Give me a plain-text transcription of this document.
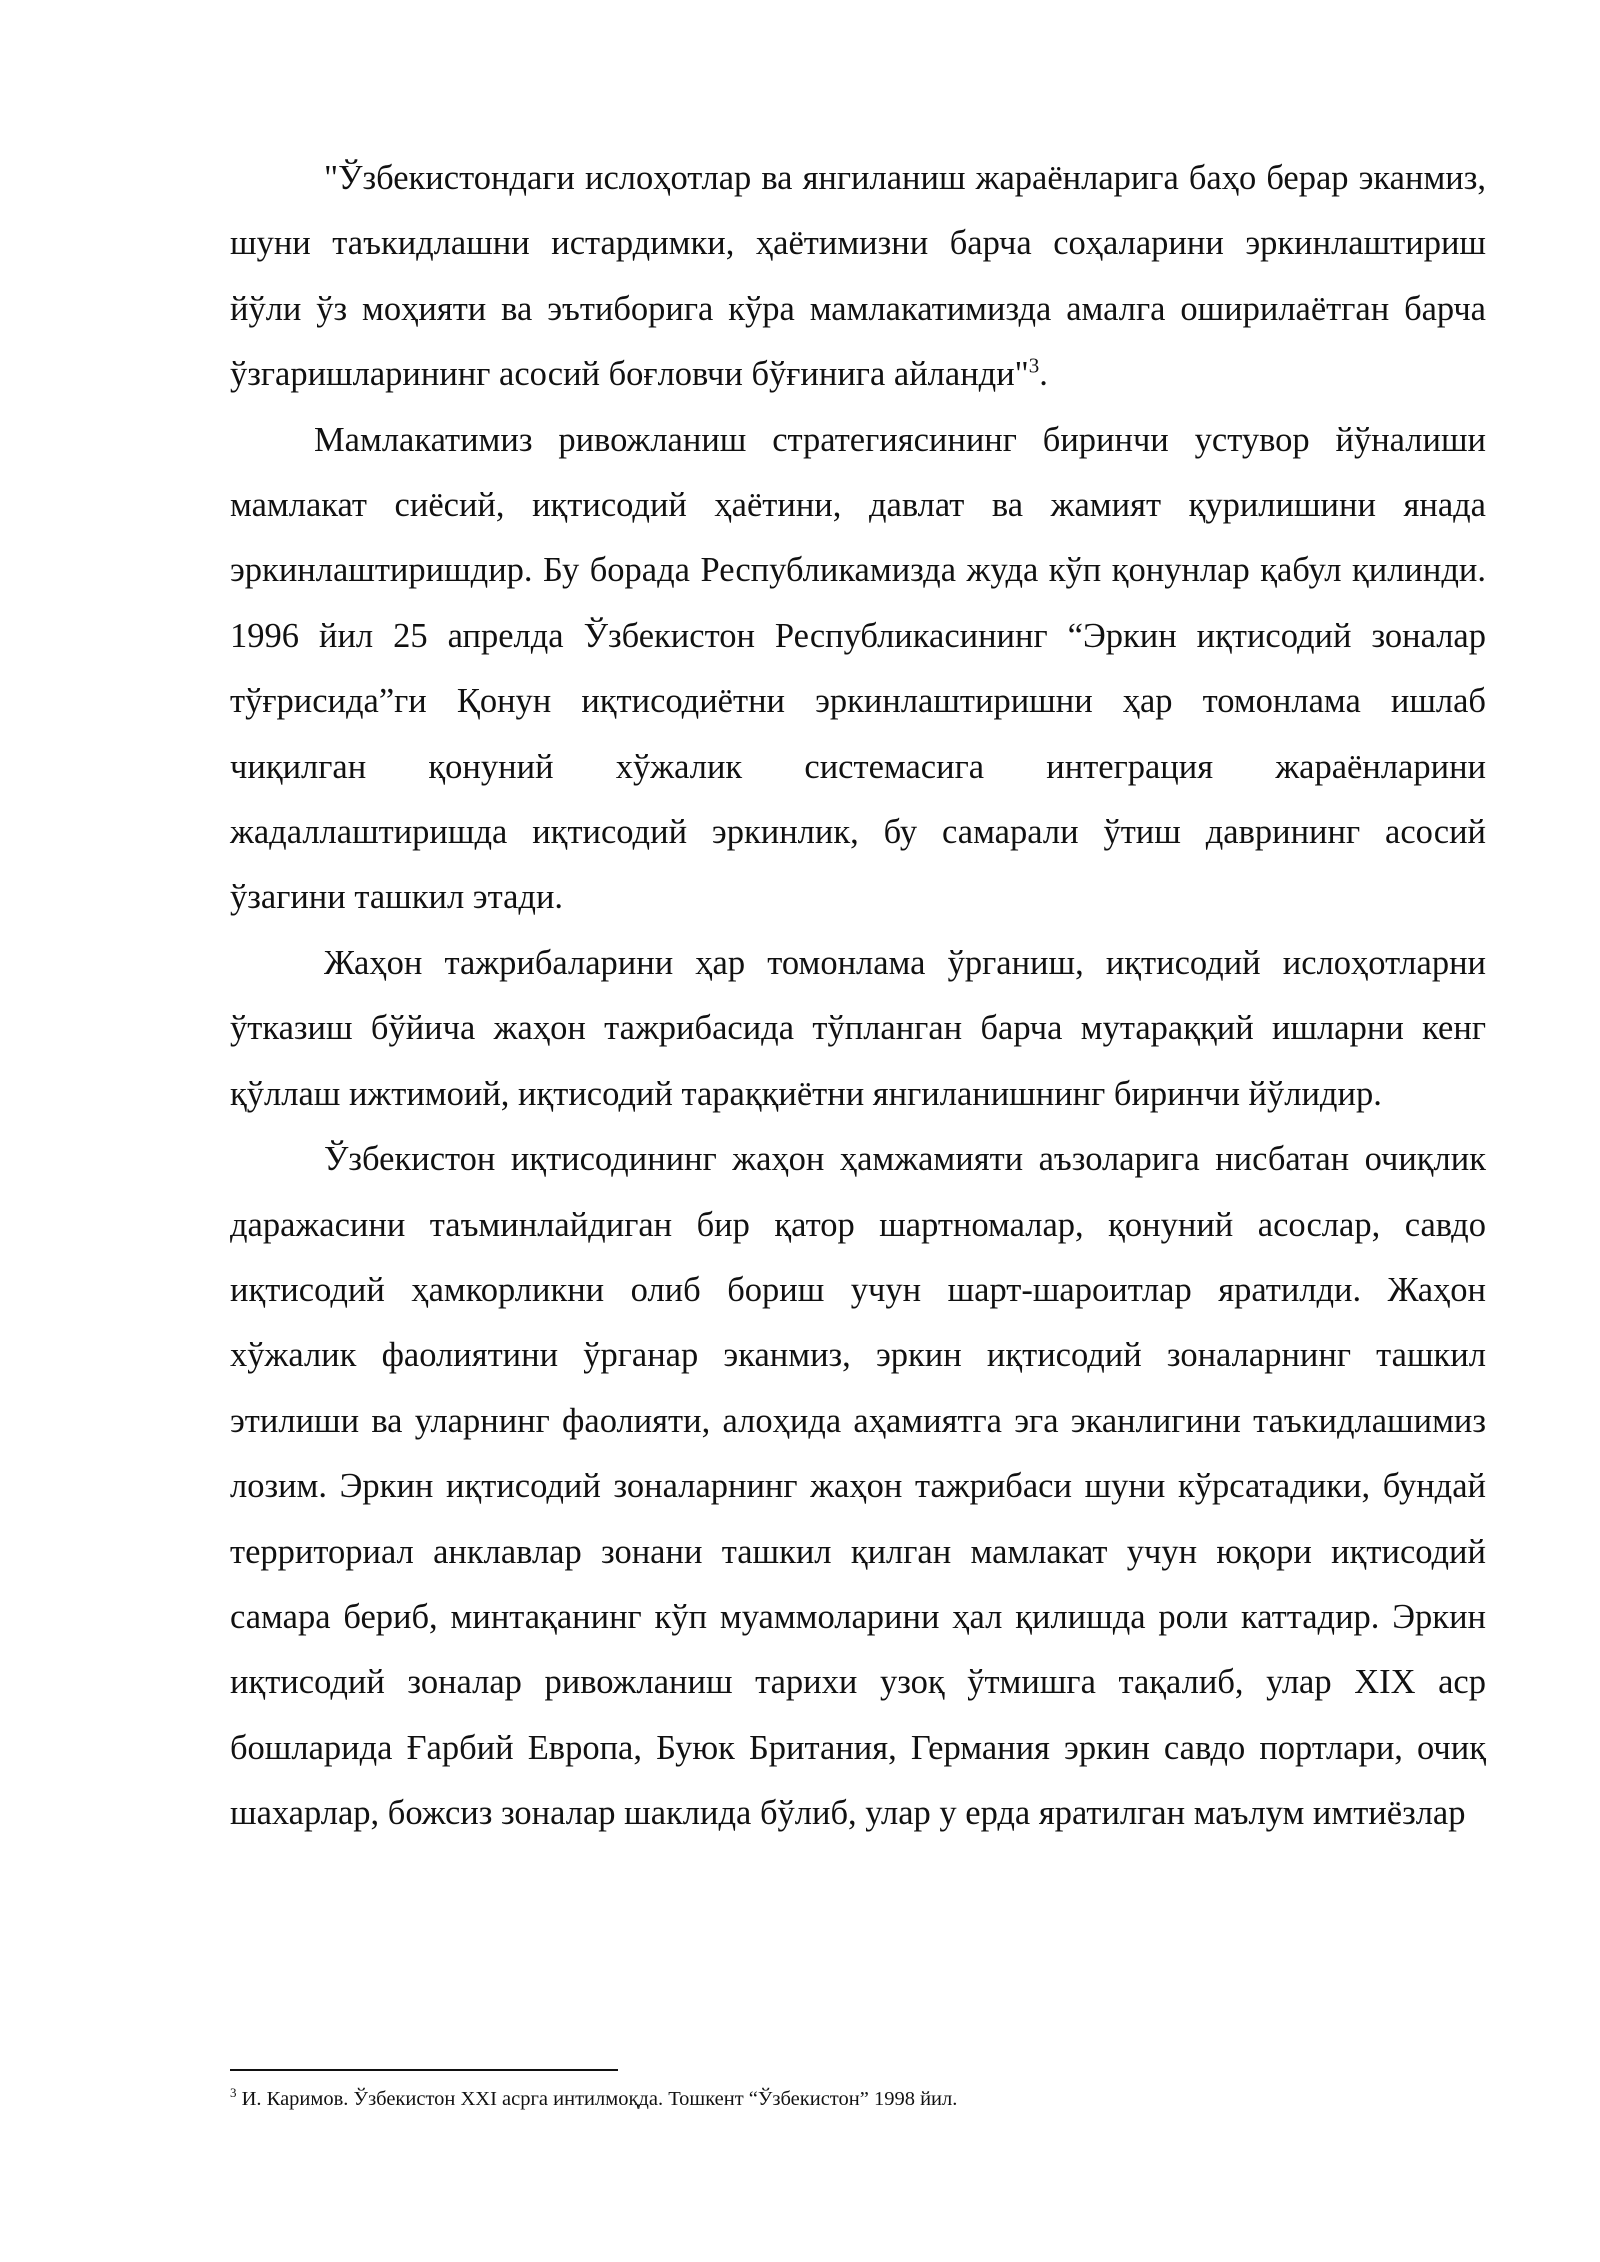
"Ўзбекистондаги ислоҳотлар ва янгиланиш жараёнларига баҳо берар эканмиз, шуни таъкидлашни истардимки, ҳаётимизни барча соҳаларини эркинлаштириш йўли ўз моҳияти ва эътиборига кўра мамлакатимизда амалга оширилаётган барча ўзгаришларининг асосий боғловчи бўғинига айланди"$^3$.

Мамлакатимиз ривожланиш стратегиясининг биринчи устувор йўналиши мамлакат сиёсий, иқтисодий ҳаётини, давлат ва жамият қурилишини янада эркинлаштиришдир. Бу борада Республикамизда жуда кўп қонунлар қабул қилинди. 1996 йил 25 апрелда Ўзбекистон Республикасининг “Эркин иқтисодий зоналар тўғрисида”ги Қонун иқтисодиётни эркинлаштиришни ҳар томонлама ишлаб чиқилган қонуний хўжалик системасига интеграция жараёнларини жадаллаштиришда иқтисодий эркинлик, бу самарали ўтиш даврининг асосий ўзагини ташкил этади.

Жаҳон тажрибаларини ҳар томонлама ўрганиш, иқтисодий ислоҳотларни ўтказиш бўйича жаҳон тажрибасида тўпланган барча мутараққий ишларни кенг қўллаш ижтимоий, иқтисодий тараққиётни янгиланишнинг биринчи йўлидир.

Ўзбекистон иқтисодининг жаҳон ҳамжамияти аъзоларига нисбатан очиқлик даражасини таъминлайдиган бир қатор шартномалар, қонуний асослар, савдо иқтисодий ҳамкорликни олиб бориш учун шарт-шароитлар яратилди. Жаҳон хўжалик фаолиятини ўрганар эканмиз, эркин иқтисодий зоналарнинг ташкил этилиши ва уларнинг фаолияти, алоҳида аҳамиятга эга эканлигини таъкидлашимиз лозим. Эркин иқтисодий зоналарнинг жаҳон тажрибаси шуни кўрсатадики, бундай территориал анклавлар зонани ташкил қилган мамлакат учун юқори иқтисодий самара бериб, минтақанинг кўп муаммоларини ҳал қилишда роли каттадир. Эркин иқтисодий зоналар ривожланиш тарихи узоқ ўтмишга тақалиб, улар XIX аср бошларида Ғарбий Европа, Буюк Британия, Германия эркин савдо портлари, очиқ шахарлар, божсиз зоналар шаклида бўлиб, улар у ерда яратилган маълум имтиёзлар

$^3$ И. Каримов. Ўзбекистон XXI асрга интилмоқда. Тошкент “Ўзбекистон” 1998 йил.
